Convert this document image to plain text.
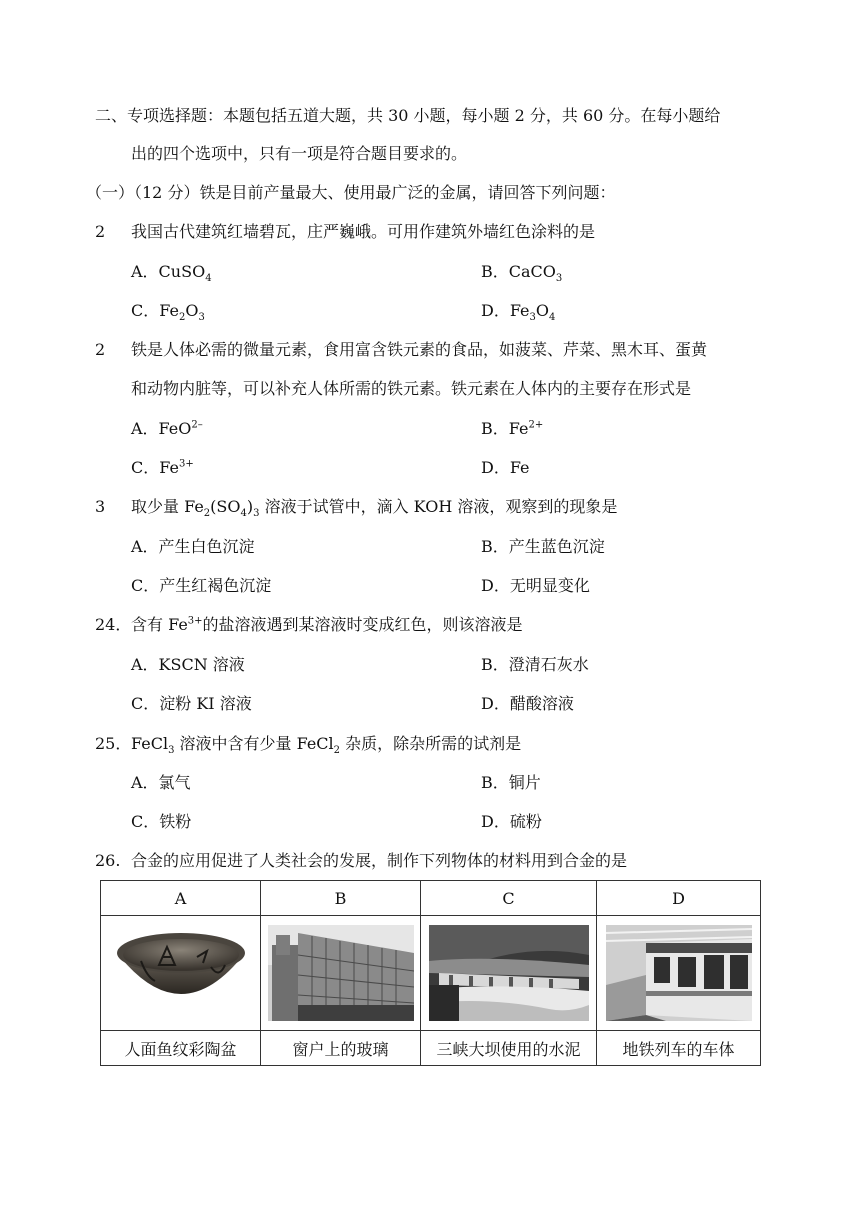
二、专项选择题：本题包括五道大题，共 30 小题，每小题 2 分，共 60 分。在每小题给
出的四个选项中，只有一项是符合题目要求的。
（一）（12 分）铁是目前产量最大、使用最广泛的金属，请回答下列问题：
2 我国古代建筑红墙碧瓦，庄严巍峨。可用作建筑外墙红色涂料的是
A．CuSO$_4$	B．CaCO$_3$
C．$Fe_2O_3$	D．$Fe_3O_4$
2 铁是人体必需的微量元素，食用富含铁元素的食品，如菠菜、芹菜、黑木耳、蛋黄
和动物内脏等，可以补充人体所需的铁元素。铁元素在人体内的主要存在形式是
A．FeO$^{2-}$	B．$Fe^{2+}$
C．$Fe^{3+}$	D．Fe
3 取少量 $Fe_2(SO_4)_3$ 溶液于试管中，滴入 KOH 溶液，观察到的现象是
A．产生白色沉淀	B．产生蓝色沉淀
C．产生红褐色沉淀	D．无明显变化
24． 含有 $Fe^{3+}$的盐溶液遇到某溶液时变成红色，则该溶液是
A．KSCN 溶液	B．澄清石灰水
C．淀粉 KI 溶液	D．醋酸溶液
25． FeCl$_3$ 溶液中含有少量 FeCl$_2$ 杂质，除杂所需的试剂是
A．氯气	B．铜片
C．铁粉	D．硫粉
26. 合金的应用促进了人类社会的发展，制作下列物体的材料用到合金的是
A	B	C	D

人面鱼纹彩陶盆	窗户上的玻璃	三峡大坝使用的水泥	地铁列车的车体
